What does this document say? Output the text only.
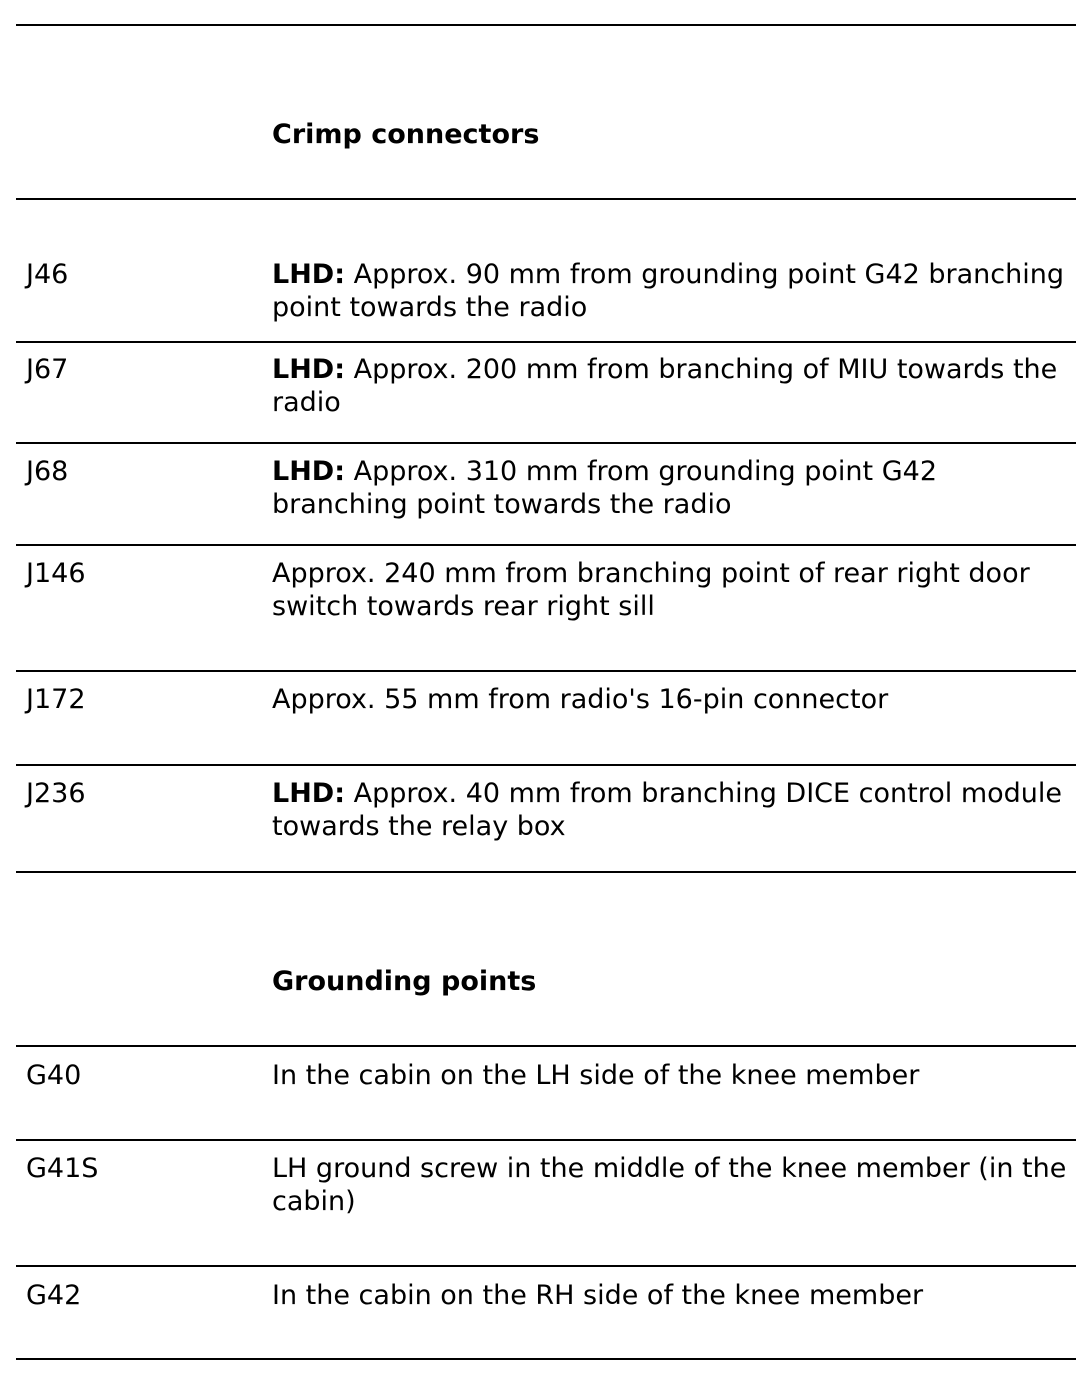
Crimp connectors
J46	LHD: Approx. 90 mm from grounding point G42 branching point towards the radio
J67	LHD: Approx. 200 mm from branching of MIU towards the radio
J68	LHD: Approx. 310 mm from grounding point G42 branching point towards the radio
J146	Approx. 240 mm from branching point of rear right door switch towards rear right sill
J172	Approx. 55 mm from radio's 16-pin connector
J236	LHD: Approx. 40 mm from branching DICE control module towards the relay box
Grounding points
G40	In the cabin on the LH side of the knee member
G41S	LH ground screw in the middle of the knee member (in the cabin)
G42	In the cabin on the RH side of the knee member
